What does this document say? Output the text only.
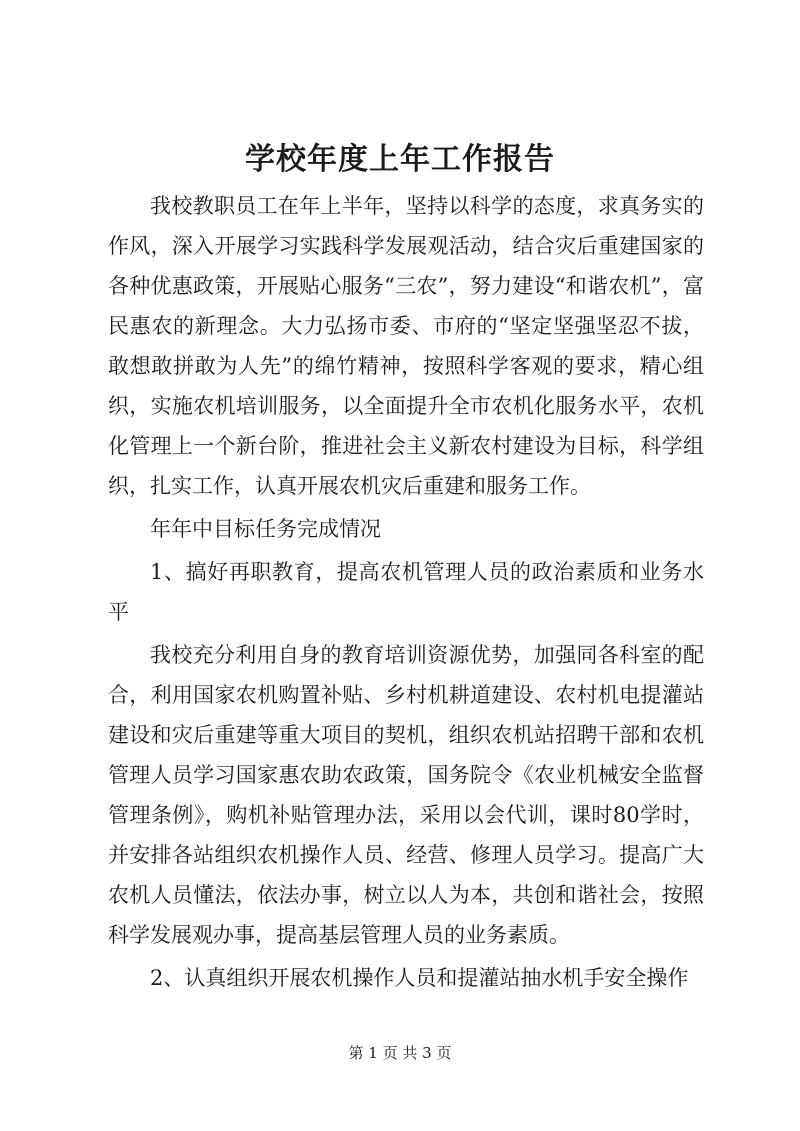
学校年度上年工作报告

我校教职员工在年上半年，坚持以科学的态度，求真务实的作风，深入开展学习实践科学发展观活动，结合灾后重建国家的各种优惠政策，开展贴心服务“三农”，努力建设“和谐农机”，富民惠农的新理念。大力弘扬市委、市府的“坚定坚强坚忍不拔，敢想敢拼敢为人先”的绵竹精神，按照科学客观的要求，精心组织，实施农机培训服务，以全面提升全市农机化服务水平，农机化管理上一个新台阶，推进社会主义新农村建设为目标，科学组织，扎实工作，认真开展农机灾后重建和服务工作。

年年中目标任务完成情况

1、搞好再职教育，提高农机管理人员的政治素质和业务水平

我校充分利用自身的教育培训资源优势，加强同各科室的配合，利用国家农机购置补贴、乡村机耕道建设、农村机电提灌站建设和灾后重建等重大项目的契机，组织农机站招聘干部和农机管理人员学习国家惠农助农政策，国务院令《农业机械安全监督管理条例》，购机补贴管理办法，采用以会代训，课时80学时，并安排各站组织农机操作人员、经营、修理人员学习。提高广大农机人员懂法，依法办事，树立以人为本，共创和谐社会，按照科学发展观办事，提高基层管理人员的业务素质。

2、认真组织开展农机操作人员和提灌站抽水机手安全操作

第 1 页 共 3 页
